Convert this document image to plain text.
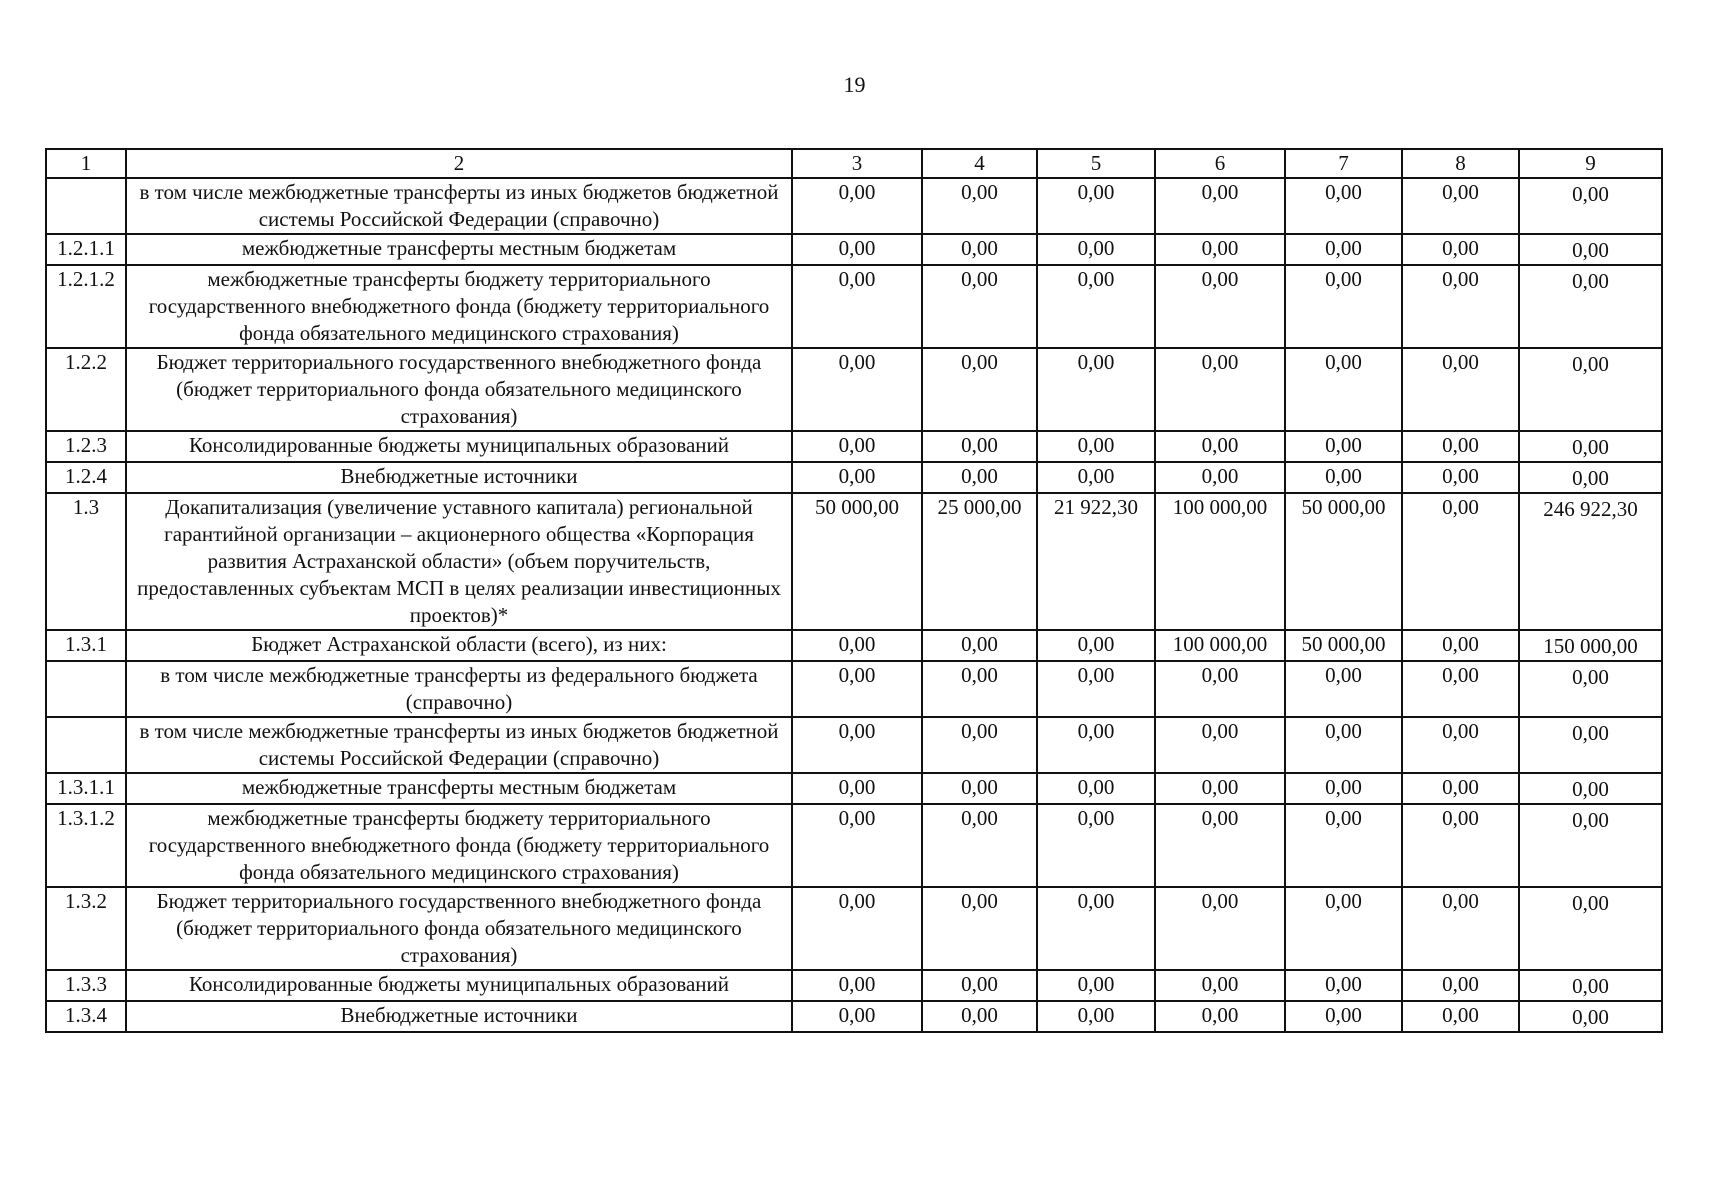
19
1	2	3	4	5	6	7	8	9
	в том числе межбюджетные трансферты из иных бюджетов бюджетной системы Российской Федерации (справочно)	0,00	0,00	0,00	0,00	0,00	0,00	0,00
1.2.1.1	межбюджетные трансферты местным бюджетам	0,00	0,00	0,00	0,00	0,00	0,00	0,00
1.2.1.2	межбюджетные трансферты бюджету территориального государственного внебюджетного фонда (бюджету территориального фонда обязательного медицинского страхования)	0,00	0,00	0,00	0,00	0,00	0,00	0,00
1.2.2	Бюджет территориального государственного внебюджетного фонда (бюджет территориального фонда обязательного медицинского страхования)	0,00	0,00	0,00	0,00	0,00	0,00	0,00
1.2.3	Консолидированные бюджеты муниципальных образований	0,00	0,00	0,00	0,00	0,00	0,00	0,00
1.2.4	Внебюджетные источники	0,00	0,00	0,00	0,00	0,00	0,00	0,00
1.3	Докапитализация (увеличение уставного капитала) региональной гарантийной организации – акционерного общества «Корпорация развития Астраханской области» (объем поручительств, предоставленных субъектам МСП в целях реализации инвестиционных проектов)*	50 000,00	25 000,00	21 922,30	100 000,00	50 000,00	0,00	246 922,30
1.3.1	Бюджет Астраханской области (всего), из них:	0,00	0,00	0,00	100 000,00	50 000,00	0,00	150 000,00
	в том числе межбюджетные трансферты из федерального бюджета (справочно)	0,00	0,00	0,00	0,00	0,00	0,00	0,00
	в том числе межбюджетные трансферты из иных бюджетов бюджетной системы Российской Федерации (справочно)	0,00	0,00	0,00	0,00	0,00	0,00	0,00
1.3.1.1	межбюджетные трансферты местным бюджетам	0,00	0,00	0,00	0,00	0,00	0,00	0,00
1.3.1.2	межбюджетные трансферты бюджету территориального государственного внебюджетного фонда (бюджету территориального фонда обязательного медицинского страхования)	0,00	0,00	0,00	0,00	0,00	0,00	0,00
1.3.2	Бюджет территориального государственного внебюджетного фонда (бюджет территориального фонда обязательного медицинского страхования)	0,00	0,00	0,00	0,00	0,00	0,00	0,00
1.3.3	Консолидированные бюджеты муниципальных образований	0,00	0,00	0,00	0,00	0,00	0,00	0,00
1.3.4	Внебюджетные источники	0,00	0,00	0,00	0,00	0,00	0,00	0,00
